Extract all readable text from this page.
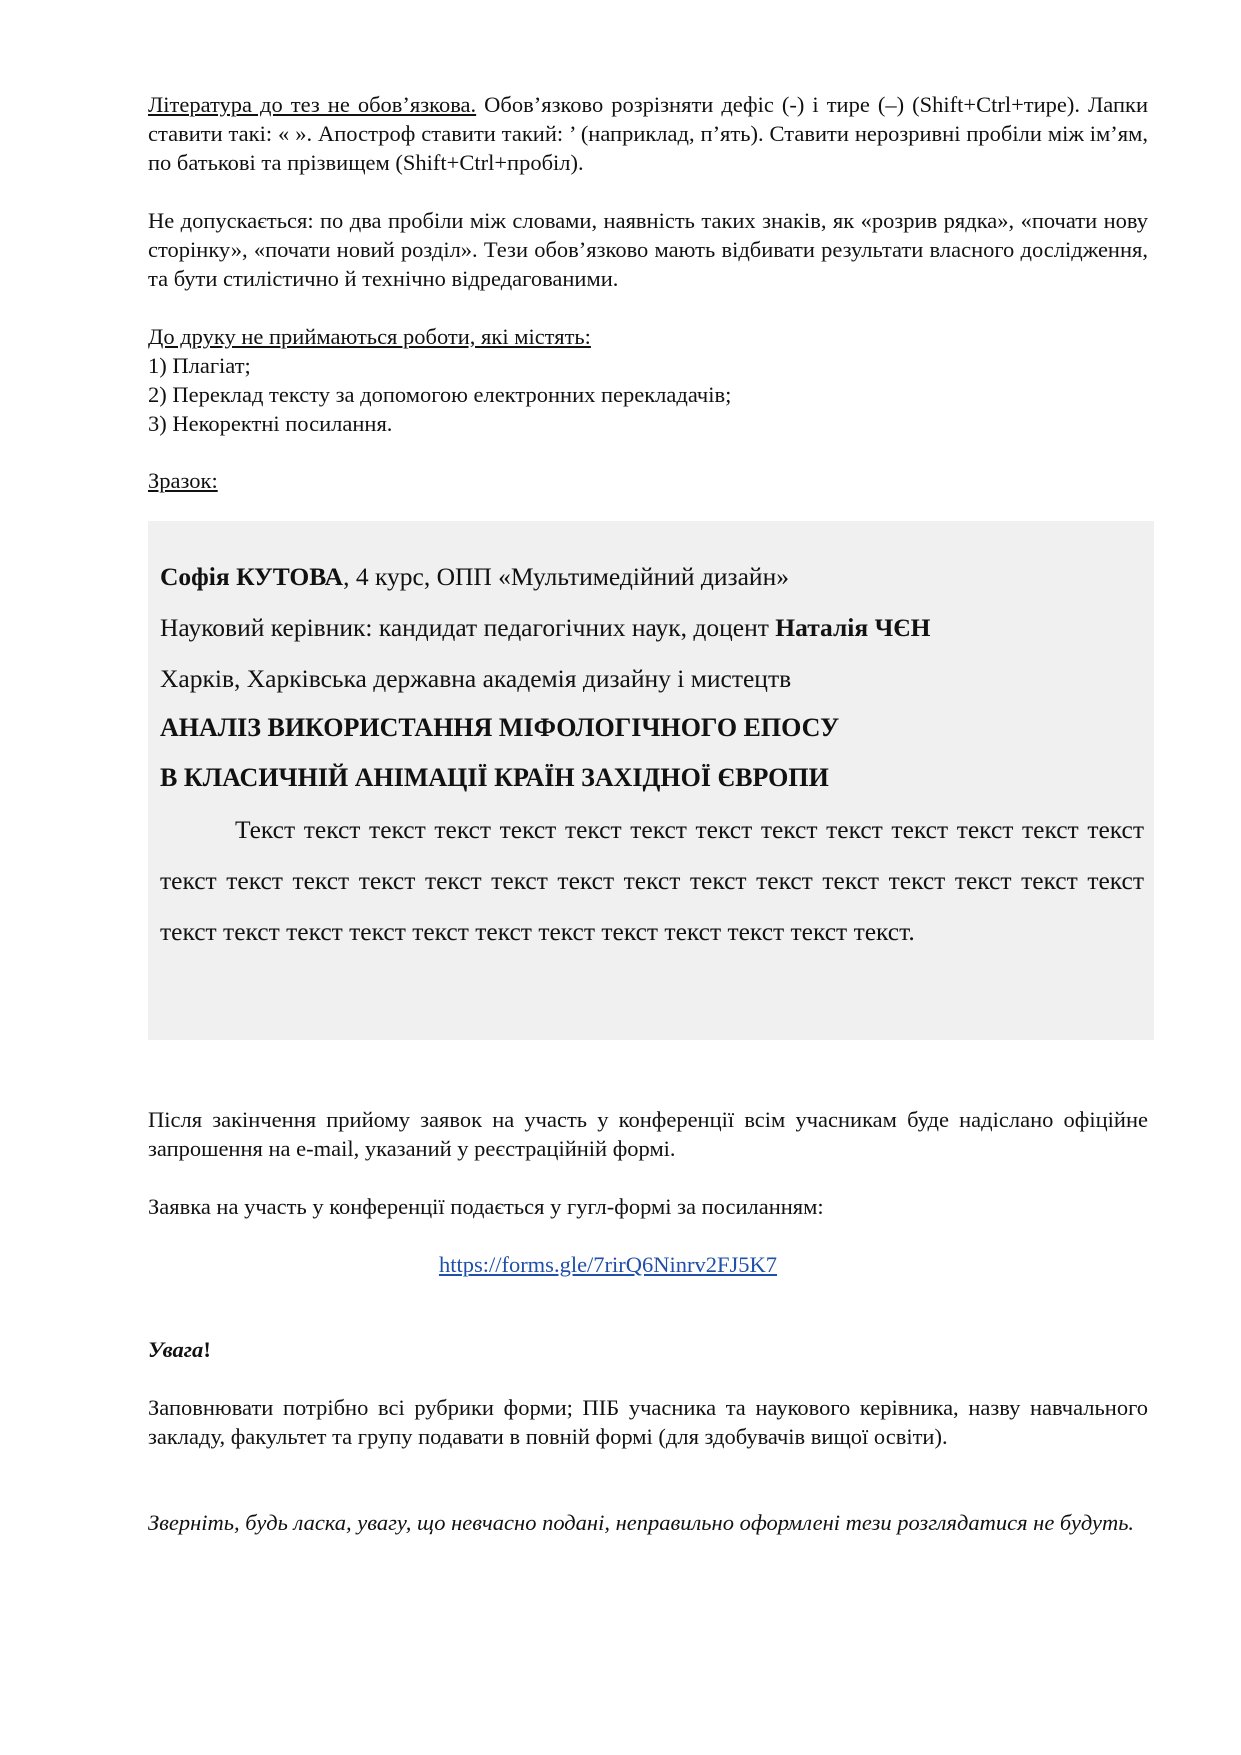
Література до тез не обов’язкова. Обов’язково розрізняти дефіс (-) і тире (–) (Shift+Ctrl+тире). Лапки ставити такі: « ». Апостроф ставити такий: ’ (наприклад, п’ять). Ставити нерозривні пробіли між ім’ям, по батькові та прізвищем (Shift+Ctrl+пробіл).

Не допускається: по два пробіли між словами, наявність таких знаків, як «розрив рядка», «почати нову сторінку», «почати новий розділ». Тези обов’язково мають відбивати результати власного дослідження, та бути стилістично й технічно відредагованими.

До друку не приймаються роботи, які містять:

1) Плагіат;
2) Переклад тексту за допомогою електронних перекладачів;
3) Некоректні посилання.

Зразок:

Софія КУТОВА, 4 курс, ОПП «Мультимедійний дизайн»

Науковий керівник: кандидат педагогічних наук, доцент Наталія ЧЄН

Харків, Харківська державна академія дизайну і мистецтв

АНАЛІЗ ВИКОРИСТАННЯ МІФОЛОГІЧНОГО ЕПОСУ

В КЛАСИЧНІЙ АНІМАЦІЇ КРАЇН ЗАХІДНОЇ ЄВРОПИ

Текст текст текст текст текст текст текст текст текст текст текст текст текст текст текст текст текст текст текст текст текст текст текст текст текст текст текст текст текст текст текст текст текст текст текст текст текст текст текст текст текст.

Після закінчення прийому заявок на участь у конференції всім учасникам буде надіслано офіційне запрошення на e-mail, указаний у реєстраційній формі.

Заявка на участь у конференції подається у гугл-формі за посиланням:

https://forms.gle/7rirQ6Ninrv2FJ5K7

Увага!

Заповнювати потрібно всі рубрики форми; ПІБ учасника та наукового керівника, назву навчального закладу, факультет та групу подавати в повній формі (для здобувачів вищої освіти).

Зверніть, будь ласка, увагу, що невчасно подані, неправильно оформлені тези розглядатися не будуть.
